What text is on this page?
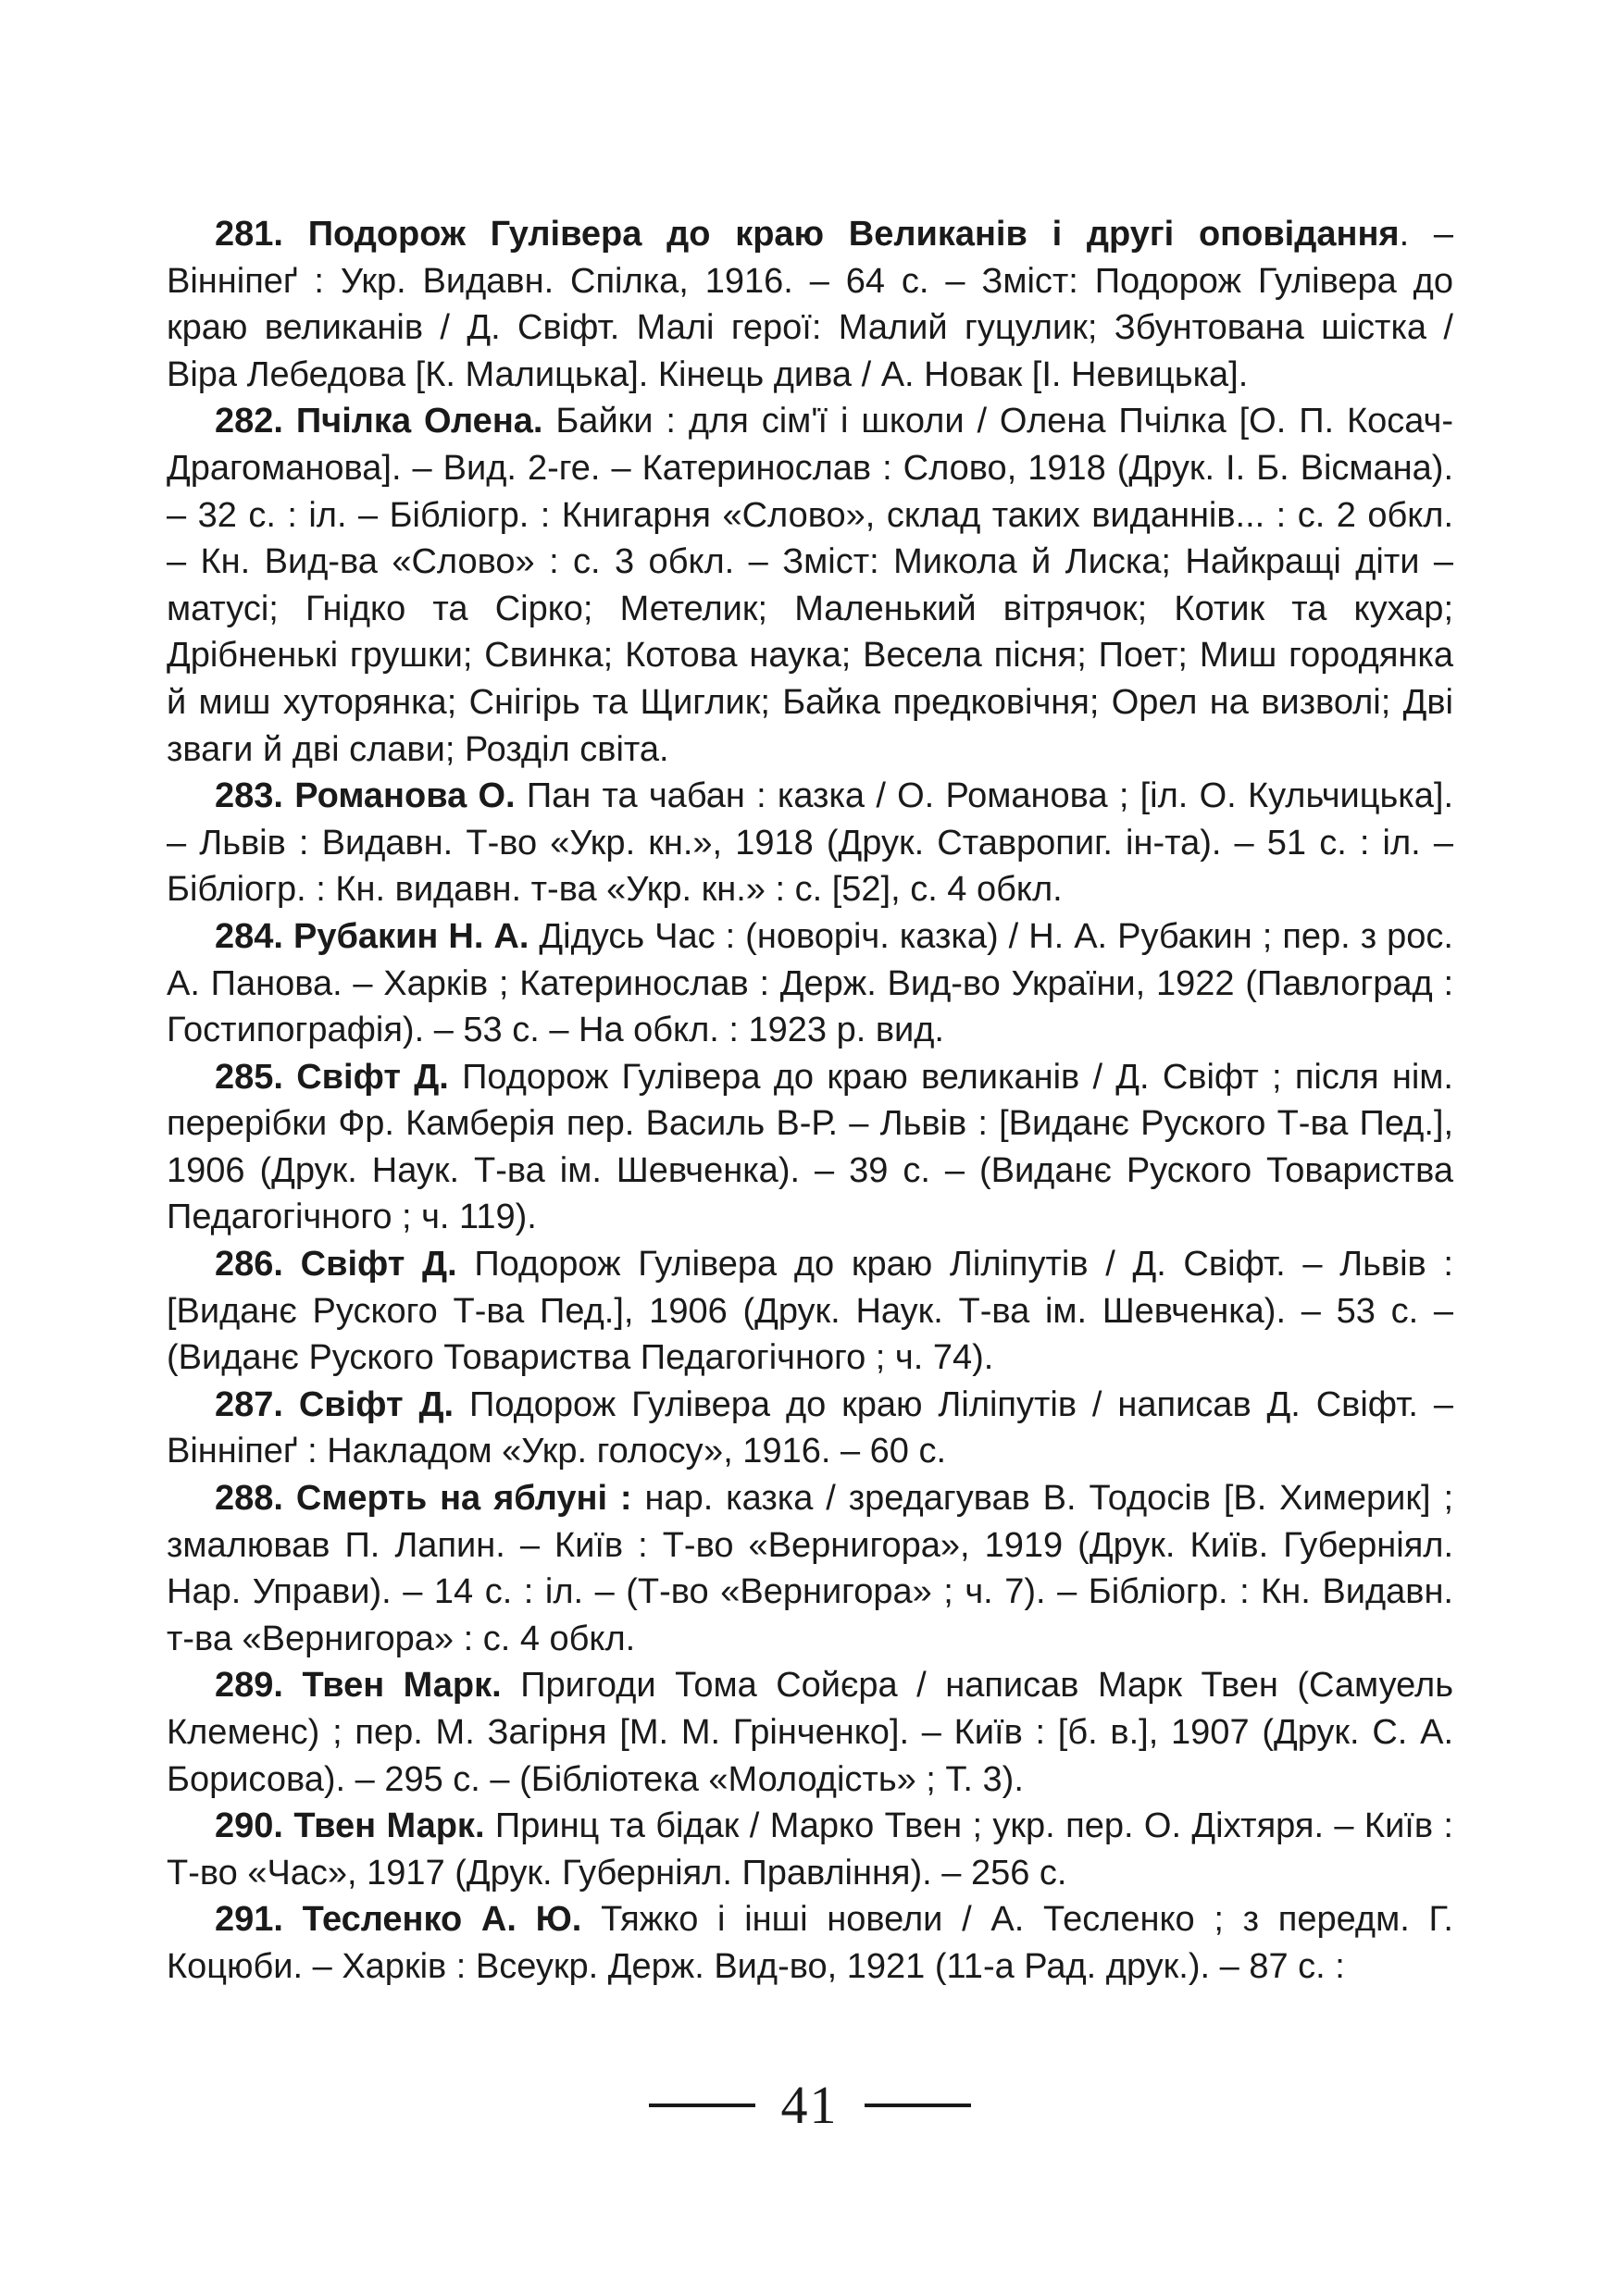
281. Подорож Гулівера до краю Великанів і другі оповідання. – Вінніпеґ : Укр. Видавн. Спілка, 1916. – 64 с. – Зміст: Подорож Гулівера до краю великанів / Д. Свіфт. Малі герої: Малий гуцулик; Збунтована шістка / Віра Лебедова [К. Малицька]. Кінець дива / А. Новак [І. Невицька].

282. Пчілка Олена. Байки : для сім'ї і школи / Олена Пчілка [О. П. Косач-Драгоманова]. – Вид. 2-ге. – Катеринослав : Слово, 1918 (Друк. І. Б. Вісмана). – 32 с. : іл. – Бібліогр. : Книгарня «Слово», склад таких виданнів... : с. 2 обкл. – Кн. Вид-ва «Слово» : с. 3 обкл. – Зміст: Микола й Лиска; Найкращі діти – матусі; Гнідко та Сірко; Метелик; Маленький вітрячок; Котик та кухар; Дрібненькі грушки; Свинка; Котова наука; Весела пісня; Поет; Миш городянка й миш хуторянка; Снігірь та Щиглик; Байка предковічня; Орел на визволі; Дві зваги й дві слави; Розділ світа.

283. Романова О. Пан та чабан : казка / О. Романова ; [іл. О. Кульчицька]. – Львів : Видавн. Т-во «Укр. кн.», 1918 (Друк. Ставропиг. ін-та). – 51 с. : іл. – Бібліогр. : Кн. видавн. т-ва «Укр. кн.» : с. [52], с. 4 обкл.

284. Рубакин Н. А. Дідусь Час : (новоріч. казка) / Н. А. Рубакин ; пер. з рос. А. Панова. – Харків ; Катеринослав : Держ. Вид-во України, 1922 (Павлоград : Гостипографія). – 53 с. – На обкл. : 1923 р. вид.

285. Свіфт Д. Подорож Гулівера до краю великанів / Д. Свіфт ; після нім. перерібки Фр. Камберія пер. Василь В-Р. – Львів : [Виданє Руского Т-ва Пед.], 1906 (Друк. Наук. Т-ва ім. Шевченка). – 39 с. – (Виданє Руского Товариства Педагогічного ; ч. 119).

286. Свіфт Д. Подорож Гулівера до краю Ліліпутів / Д. Свіфт. – Львів : [Виданє Руского Т-ва Пед.], 1906 (Друк. Наук. Т-ва ім. Шевченка). – 53 с. – (Виданє Руского Товариства Педагогічного ; ч. 74).

287. Свіфт Д. Подорож Гулівера до краю Ліліпутів / написав Д. Свіфт. – Вінніпеґ : Накладом «Укр. голосу», 1916. – 60 с.

288. Смерть на яблуні : нар. казка / зредагував В. Тодосів [В. Химерик] ; змалював П. Лапин. – Київ : Т-во «Вернигора», 1919 (Друк. Київ. Губерніял. Нар. Управи). – 14 с. : іл. – (Т-во «Вернигора» ; ч. 7). – Бібліогр. : Кн. Видавн. т-ва «Вернигора» : с. 4 обкл.

289. Твен Марк. Пригоди Тома Сойєра / написав Марк Твен (Самуель Клеменс) ; пер. М. Загірня [М. М. Грінченко]. – Київ : [б. в.], 1907 (Друк. С. А. Борисова). – 295 с. – (Бібліотека «Молодість» ; Т. 3).

290. Твен Марк. Принц та бідак / Марко Твен ; укр. пер. О. Діхтяря. – Київ : Т-во «Час», 1917 (Друк. Губерніял. Правління). – 256 с.

291. Тесленко А. Ю. Тяжко і інші новели / А. Тесленко ; з передм. Г. Коцюби. – Харків : Всеукр. Держ. Вид-во, 1921 (11-а Рад. друк.). – 87 с. :

41
